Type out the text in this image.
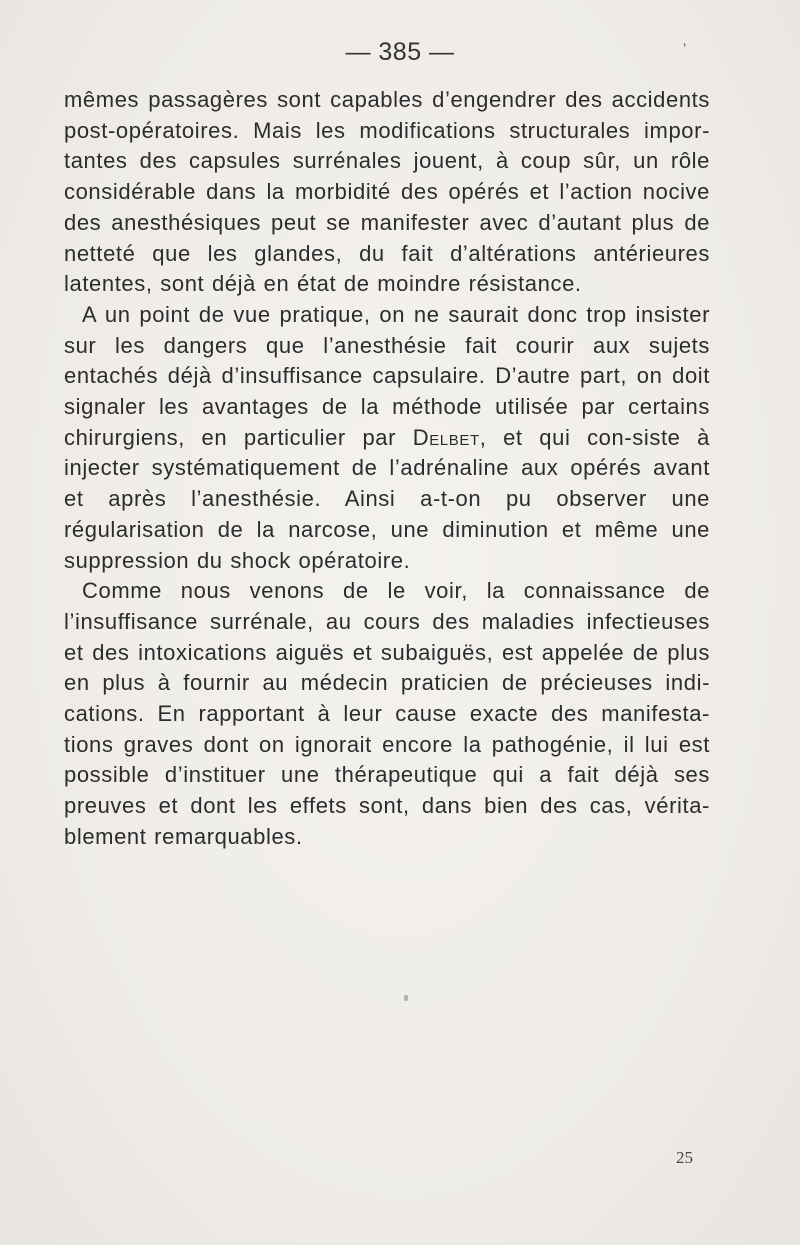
— 385 —	’

mêmes passagères sont capables d’engendrer des accidents post-opératoires. Mais les modifications structurales impor-tantes des capsules surrénales jouent, à coup sûr, un rôle considérable dans la morbidité des opérés et l’action nocive des anesthésiques peut se manifester avec d’autant plus de netteté que les glandes, du fait d’altérations antérieures latentes, sont déjà en état de moindre résistance.

A un point de vue pratique, on ne saurait donc trop insister sur les dangers que l’anesthésie fait courir aux sujets entachés déjà d’insuffisance capsulaire. D’autre part, on doit signaler les avantages de la méthode utilisée par certains chirurgiens, en particulier par Delbet, et qui con-siste à injecter systématiquement de l’adrénaline aux opérés avant et après l’anesthésie. Ainsi a-t-on pu observer une régularisation de la narcose, une diminution et même une suppression du shock opératoire.

Comme nous venons de le voir, la connaissance de l’insuffisance surrénale, au cours des maladies infectieuses et des intoxications aiguës et subaiguës, est appelée de plus en plus à fournir au médecin praticien de précieuses indi-cations. En rapportant à leur cause exacte des manifesta-tions graves dont on ignorait encore la pathogénie, il lui est possible d’instituer une thérapeutique qui a fait déjà ses preuves et dont les effets sont, dans bien des cas, vérita-blement remarquables.

25
